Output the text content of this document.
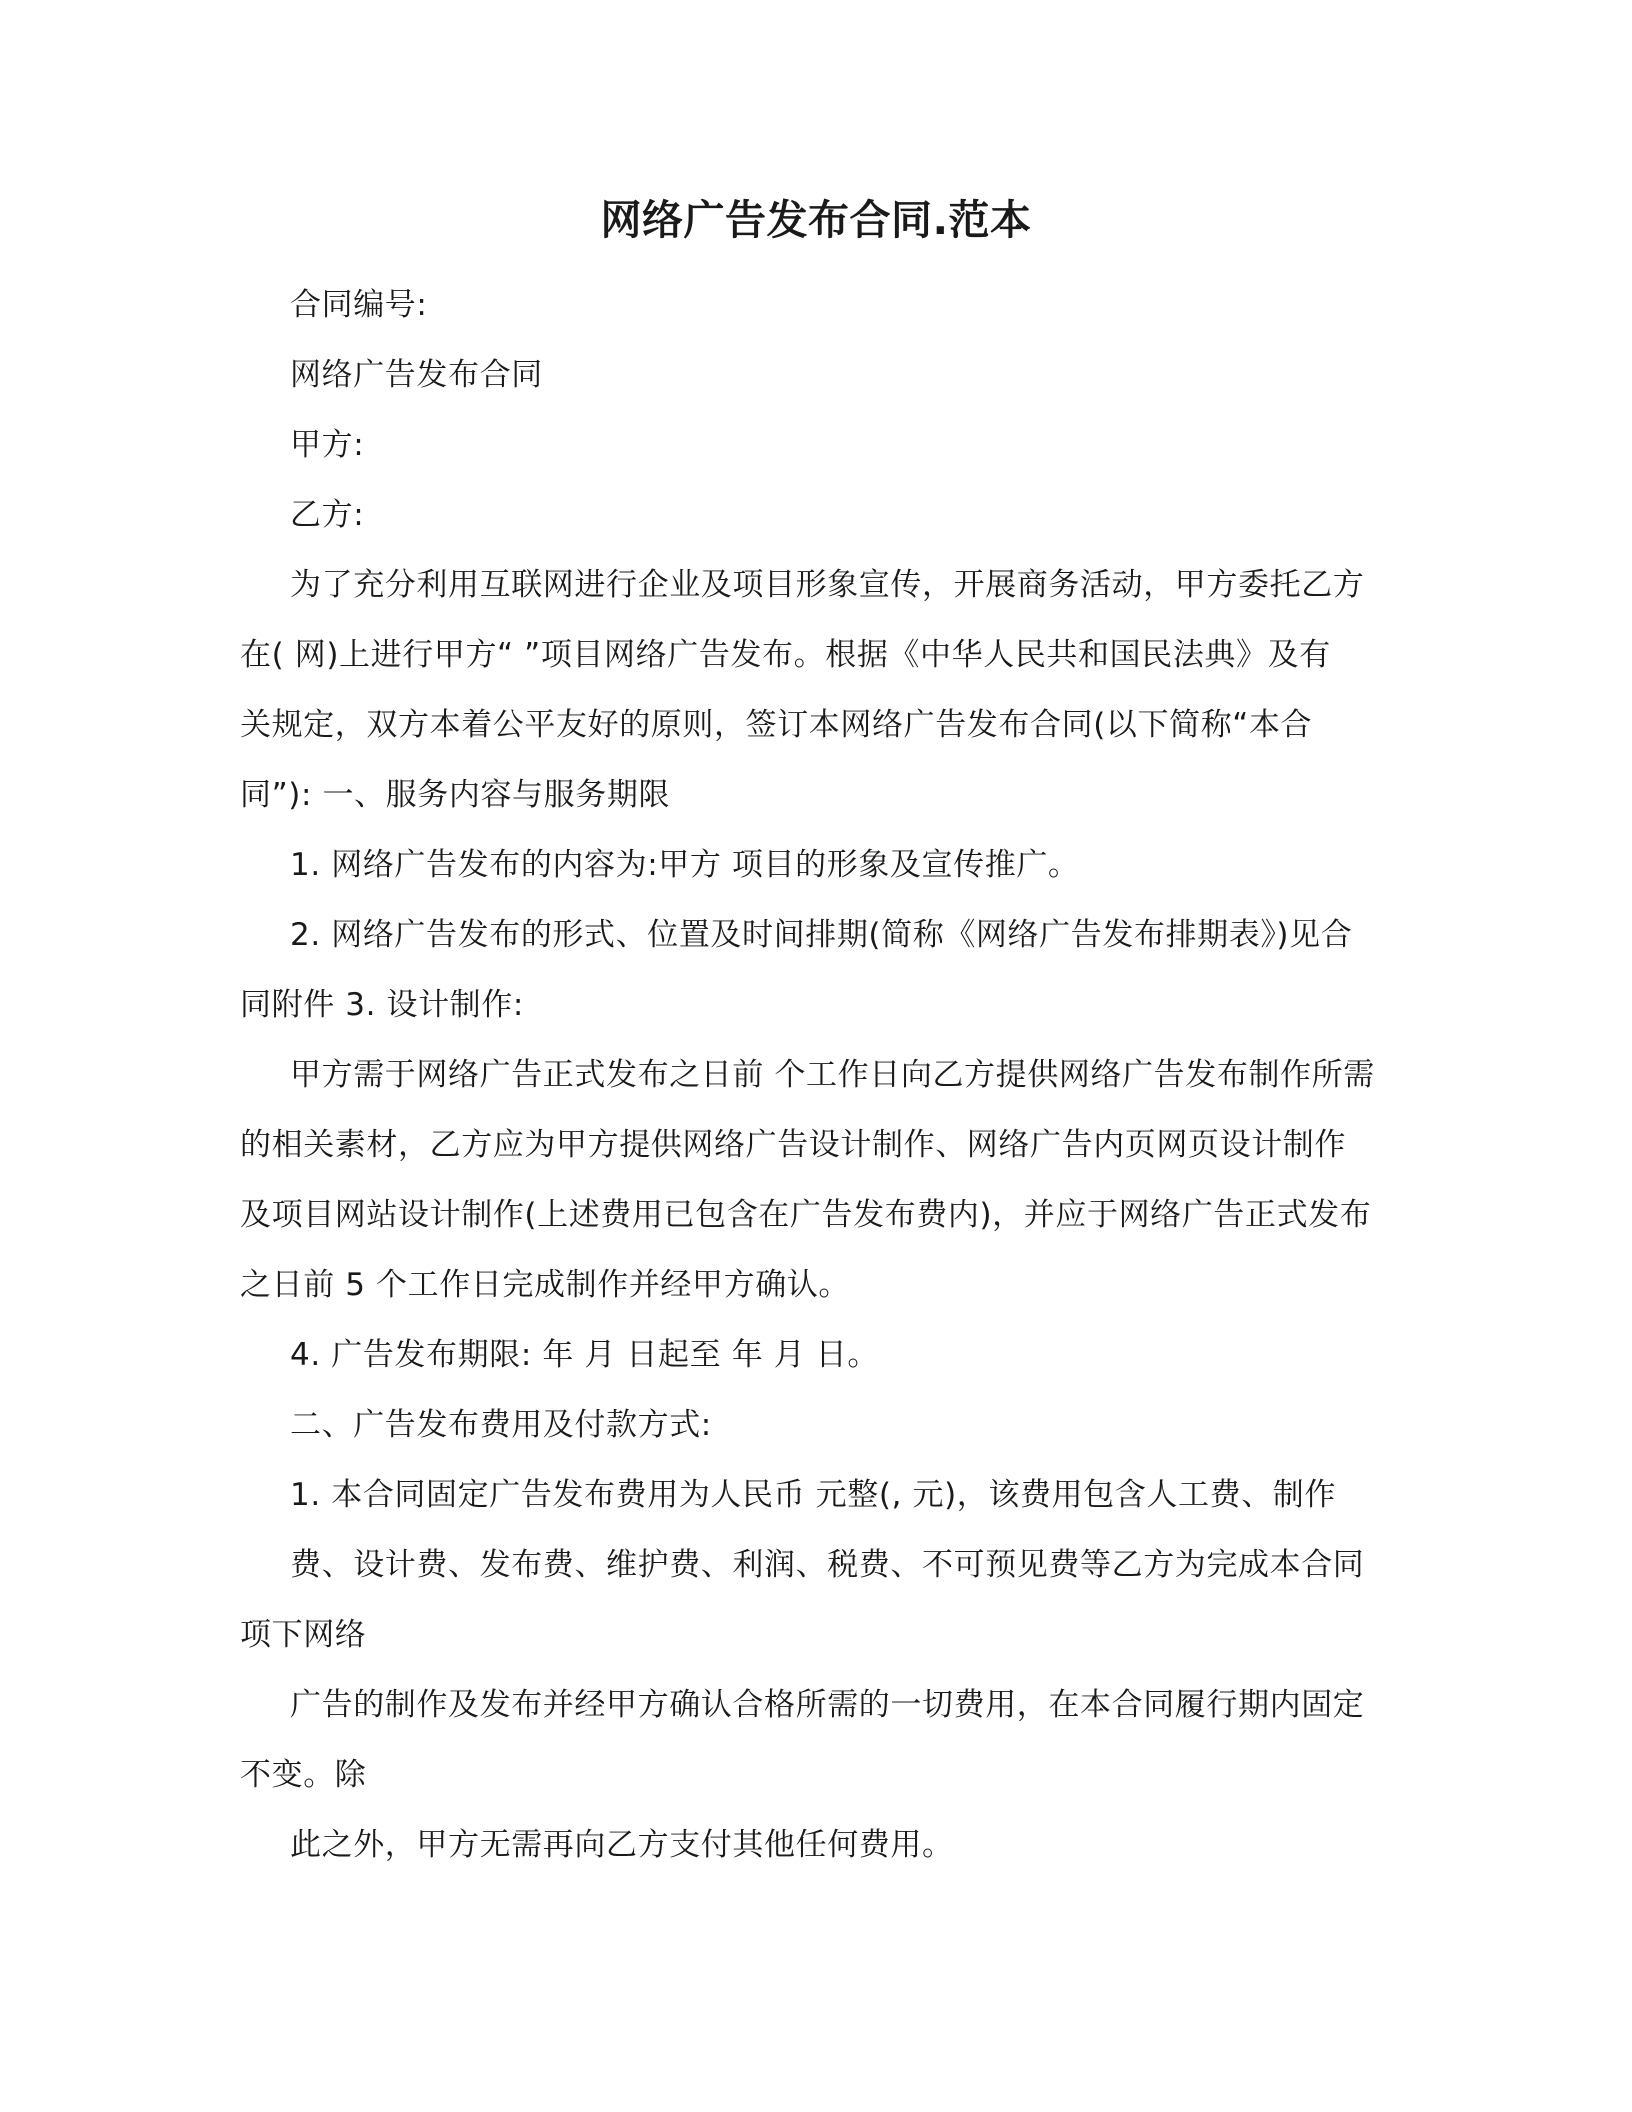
网络广告发布合同.范本
合同编号:
网络广告发布合同
甲方:
乙方:
为了充分利用互联网进行企业及项目形象宣传，开展商务活动，甲方委托乙方
在( 网)上进行甲方“ ”项目网络广告发布。根据《中华人民共和国民法典》及有
关规定，双方本着公平友好的原则，签订本网络广告发布合同(以下简称“本合
同”): 一、服务内容与服务期限
1. 网络广告发布的内容为:甲方 项目的形象及宣传推广。
2. 网络广告发布的形式、位置及时间排期(简称《网络广告发布排期表》)见合
同附件 3. 设计制作:
甲方需于网络广告正式发布之日前 个工作日向乙方提供网络广告发布制作所需
的相关素材，乙方应为甲方提供网络广告设计制作、网络广告内页网页设计制作
及项目网站设计制作(上述费用已包含在广告发布费内)，并应于网络广告正式发布
之日前 5 个工作日完成制作并经甲方确认。
4. 广告发布期限: 年 月 日起至 年 月 日。
二、广告发布费用及付款方式:
1. 本合同固定广告发布费用为人民币 元整(, 元)，该费用包含人工费、制作
费、设计费、发布费、维护费、利润、税费、不可预见费等乙方为完成本合同
项下网络
广告的制作及发布并经甲方确认合格所需的一切费用，在本合同履行期内固定
不变。除
此之外，甲方无需再向乙方支付其他任何费用。
